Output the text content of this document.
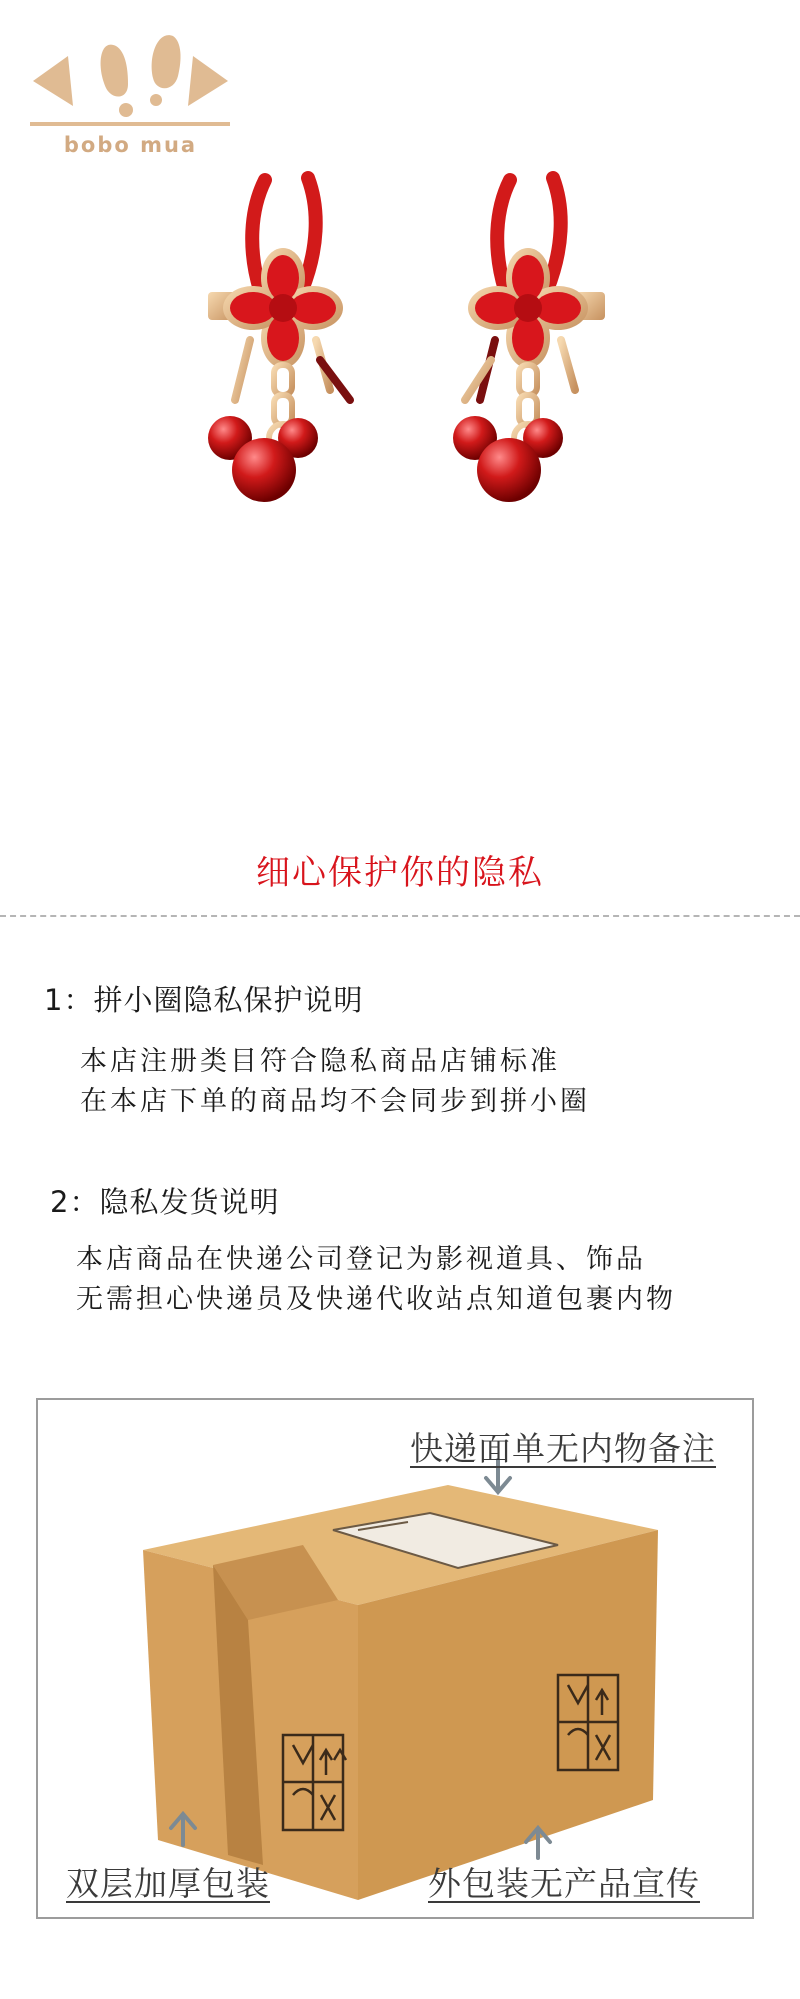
bobo mua
细心保护你的隐私
1：拼小圈隐私保护说明
本店注册类目符合隐私商品店铺标准
在本店下单的商品均不会同步到拼小圈
2：隐私发货说明
本店商品在快递公司登记为影视道具、饰品
无需担心快递员及快递代收站点知道包裹内物
快递面单无内物备注
双层加厚包装	外包装无产品宣传
